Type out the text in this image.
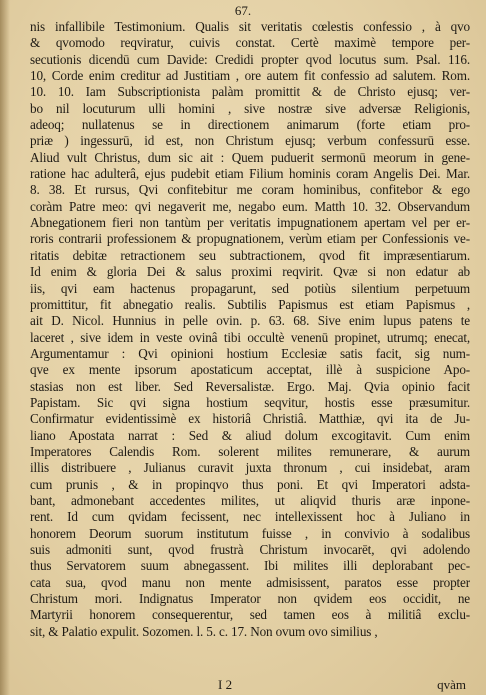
67.
nis infallibile Testimonium. Qualis sit veritatis cœlestis confessio , à qvo
& qvomodo reqviratur, cuivis constat. Certè maximè tempore per-
secutionis dicendū cum Davide: Credidi propter qvod locutus sum. Psal. 116.
10, Corde enim creditur ad Justitiam , ore autem fit confessio ad salutem. Rom.
10. 10. Iam Subscriptionista palàm promittit & de Christo ejusq; ver-
bo nil locuturum ulli homini , sive nostræ sive adversæ Religionis,
adeoq; nullatenus se in directionem animarum (forte etiam pro-
priæ ) ingessurū, id est, non Christum ejusq; verbum confessurū esse.
Aliud vult Christus, dum sic ait : Quem puduerit sermonū meorum in gene-
ratione hac adulterâ, ejus pudebit etiam Filium hominis coram Angelis Dei. Mar.
8. 38. Et rursus, Qvi confitebitur me coram hominibus, confitebor & ego
coràm Patre meo: qvi negaverit me, negabo eum. Matth 10. 32. Observandum
Abnegationem fieri non tantùm per veritatis impugnationem apertam vel per er-
roris contrarii professionem & propugnationem, verùm etiam per Confessionis ve-
ritatis debitæ retractionem seu subtractionem, qvod fit impræsentiarum.
Id enim & gloria Dei & salus proximi reqvirit. Qvæ si non edatur ab
iis, qvi eam hactenus propagarunt, sed potiùs silentium perpetuum
promittitur, fit abnegatio realis. Subtilis Papismus est etiam Papismus ,
ait D. Nicol. Hunnius in pelle ovin. p. 63. 68. Sive enim lupus patens te
laceret , sive idem in veste ovinâ tibi occultè venenū propinet, utrumq; enecat,
Argumentamur : Qvi opinioni hostium Ecclesiæ satis facit, sig num-
qve ex mente ipsorum apostaticum acceptat, illè à suspicione Apo-
stasias non est liber. Sed Reversalistæ. Ergo. Maj. Qvia opinio facit
Papistam. Sic qvi signa hostium seqvitur, hostis esse præsumitur.
Confirmatur evidentissimè ex historiâ Christiâ. Matthiæ, qvi ita de Ju-
liano Apostata narrat : Sed & aliud dolum excogitavit. Cum enim
Imperatores Calendis Rom. solerent milites remunerare, & aurum
illis distribuere , Julianus curavit juxta thronum , cui insidebat, aram
cum prunis , & in propinqvo thus poni. Et qvi Imperatori adsta-
bant, admonebant accedentes milites, ut aliqvid thuris aræ inpone-
rent. Id cum qvidam fecissent, nec intellexissent hoc à Juliano in
honorem Deorum suorum institutum fuisse , in convivio à sodalibus
suis admoniti sunt, qvod frustrà Christum invocarēt, qvi adolendo
thus Servatorem suum abnegassent. Ibi milites illi deplorabant pec-
cata sua, qvod manu non mente admisissent, paratos esse propter
Christum mori. Indignatus Imperator non qvidem eos occidit, ne
Martyrii honorem consequerentur, sed tamen eos à militiâ exclu-
sit, & Palatio expulit. Sozomen. l. 5. c. 17. Non ovum ovo similius ,
I 2	qvàm
